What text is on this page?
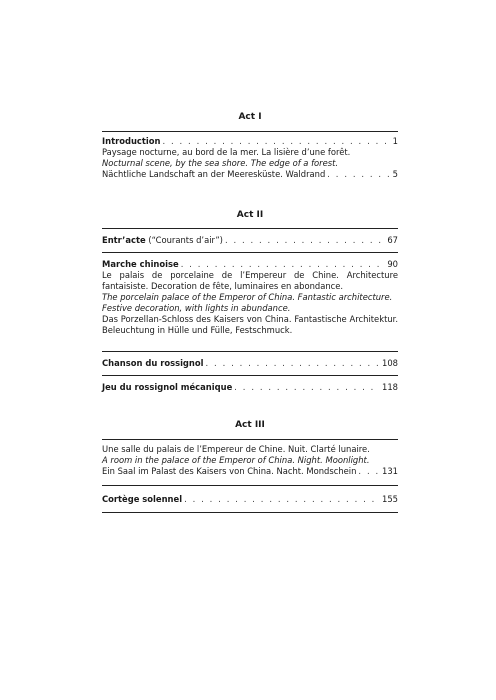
Act I
Introduction . . .	1
Paysage nocturne, au bord de la mer. La lisière d’une forêt.
Nocturnal scene, by the sea shore. The edge of a forest.
Nächtliche Landschaft an der Meeresküste. Waldrand . . .	5
Act II
Entr’acte (“Courants d’air”) . . .	67
Marche chinoise . . .	90
Le palais de porcelaine de l’Empereur de Chine. Architecture fantaisiste. Decoration de fête, luminaires en abondance.
The porcelain palace of the Emperor of China. Fantastic architecture. Festive decoration, with lights in abundance.
Das Porzellan-Schloss des Kaisers von China. Fantastische Architektur. Beleuchtung in Hülle und Fülle, Festschmuck.
Chanson du rossignol . . .	108
Jeu du rossignol mécanique . . .	118
Act III
Une salle du palais de l’Empereur de Chine. Nuit. Clarté lunaire.
A room in the palace of the Emperor of China. Night. Moonlight.
Ein Saal im Palast des Kaisers von China. Nacht. Mondschein . . .	131
Cortège solennel . . .	155
